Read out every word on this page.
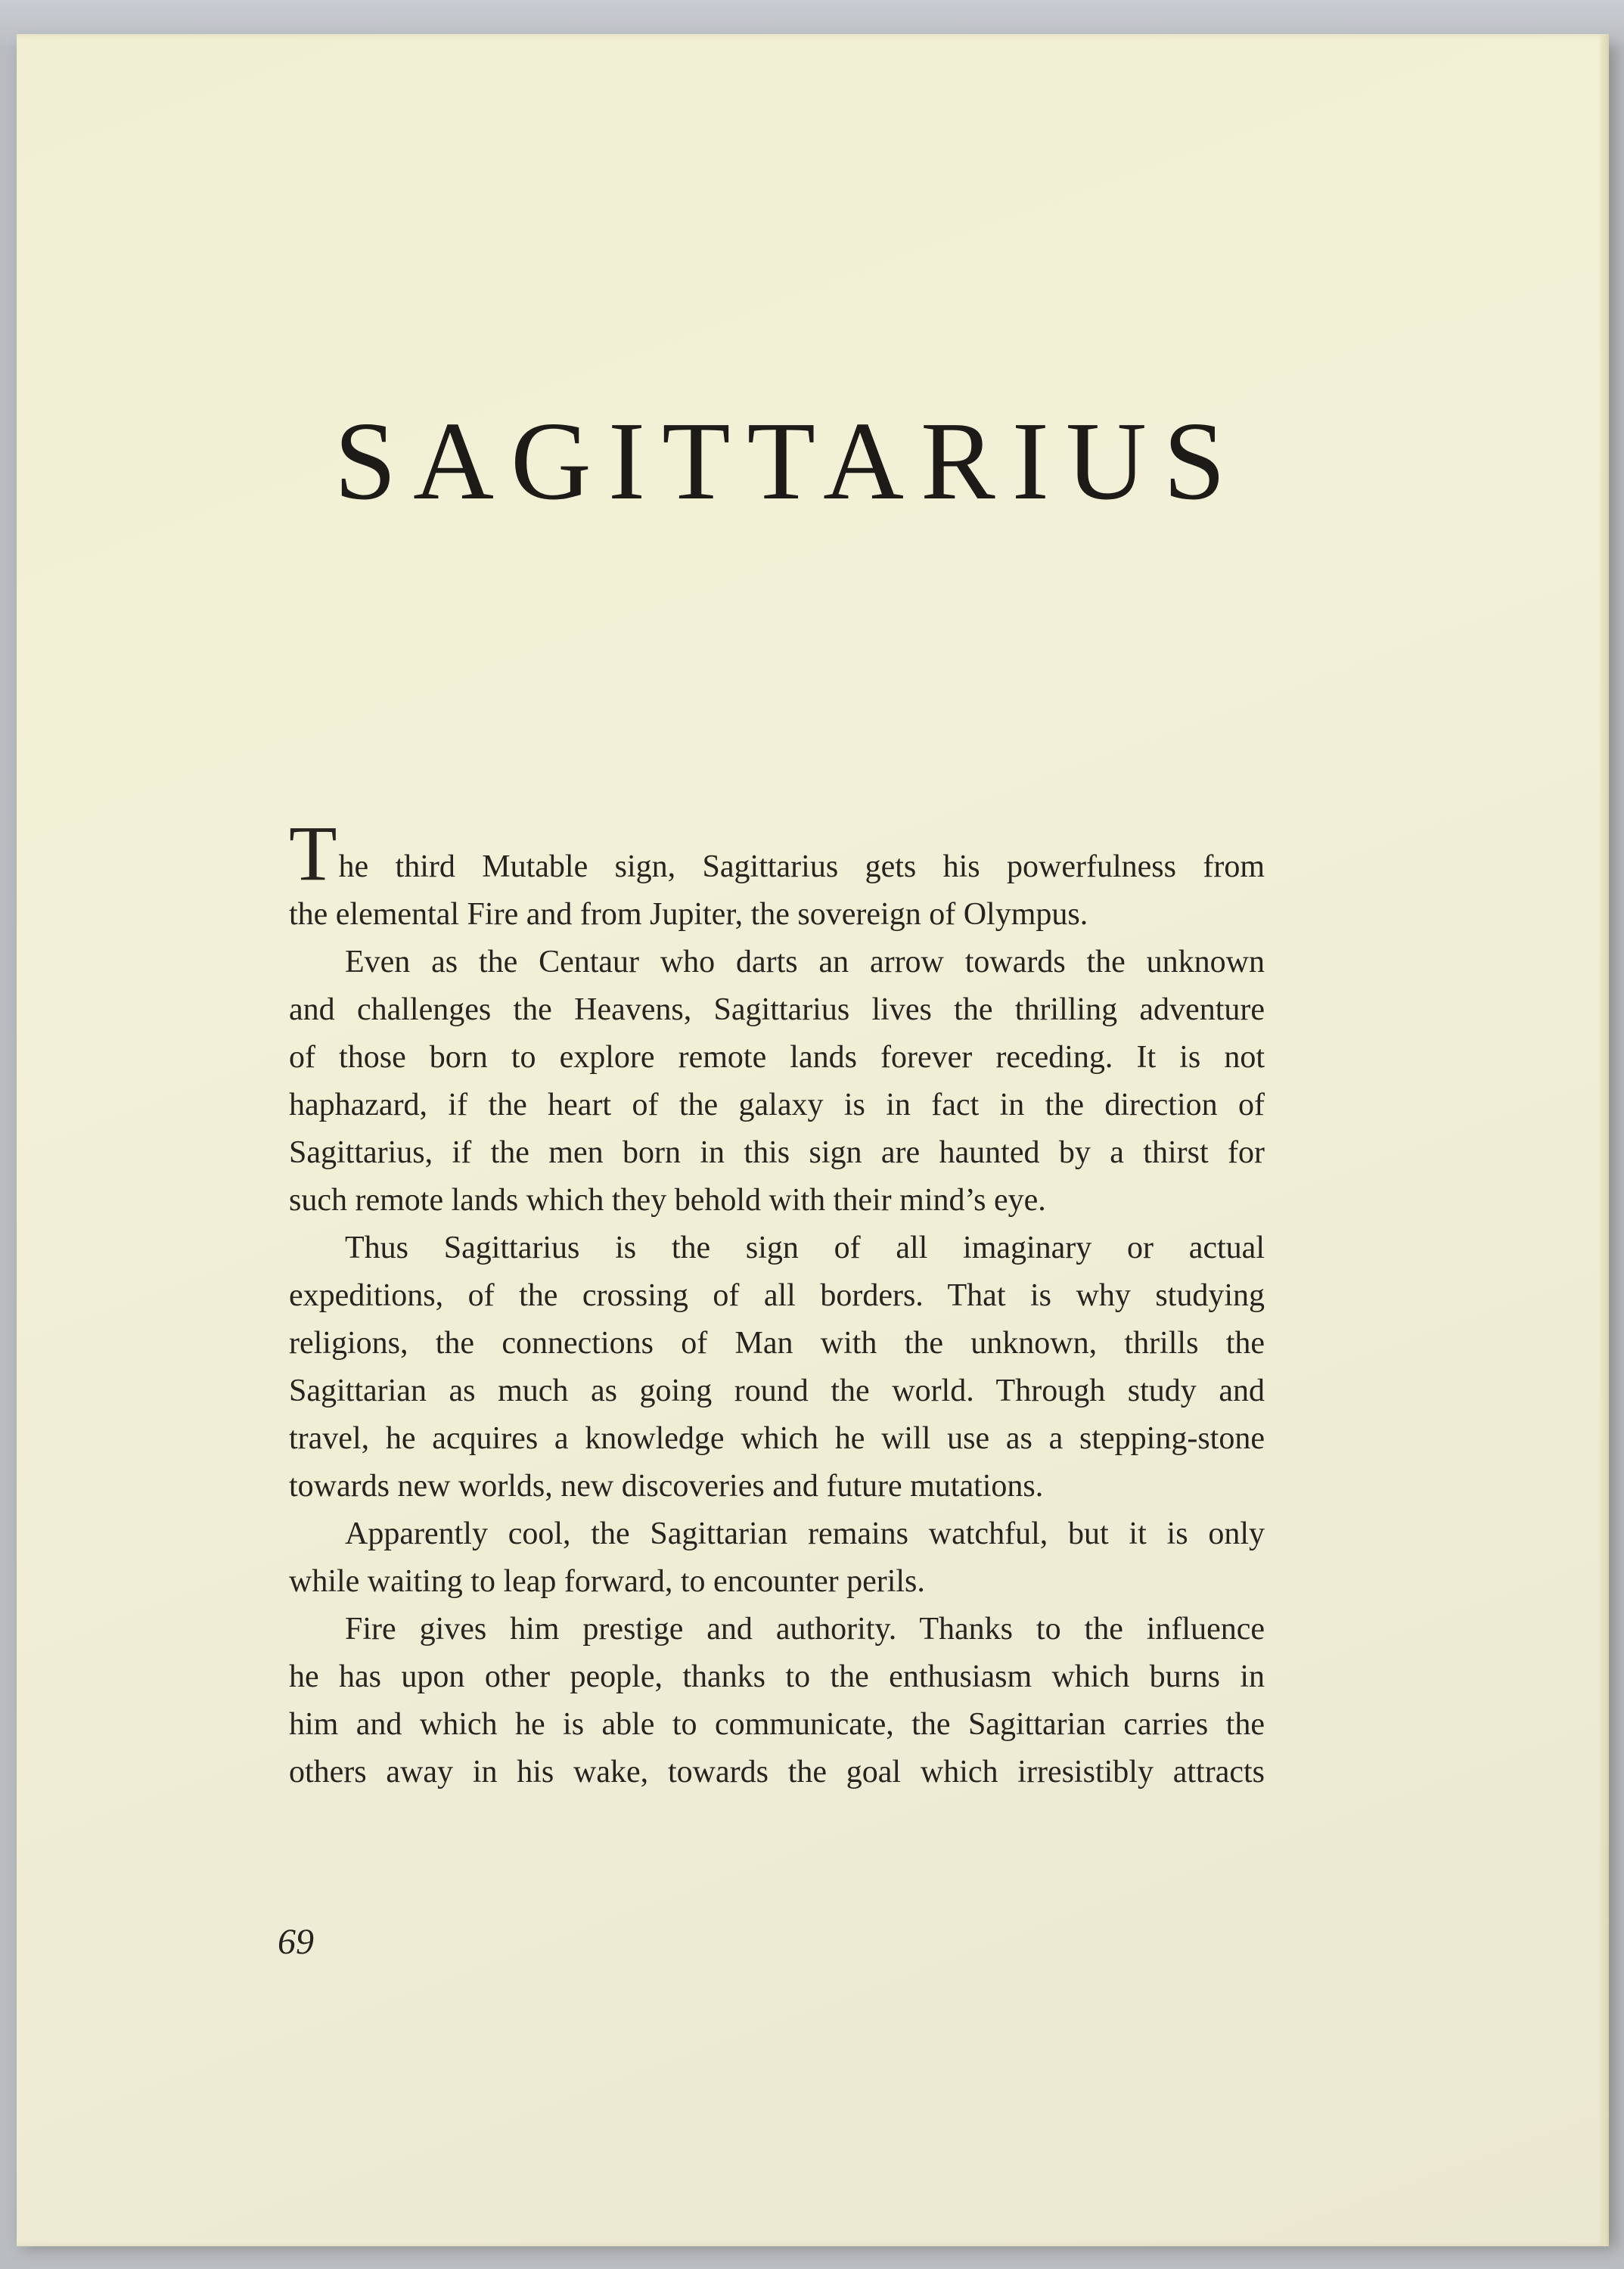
SAGITTARIUS
The third Mutable sign, Sagittarius gets his powerfulness from
the elemental Fire and from Jupiter, the sovereign of Olympus.
Even as the Centaur who darts an arrow towards the unknown
and challenges the Heavens, Sagittarius lives the thrilling adventure
of those born to explore remote lands forever receding. It is not
haphazard, if the heart of the galaxy is in fact in the direction of
Sagittarius, if the men born in this sign are haunted by a thirst for
such remote lands which they behold with their mind’s eye.
Thus Sagittarius is the sign of all imaginary or actual
expeditions, of the crossing of all borders. That is why studying
religions, the connections of Man with the unknown, thrills the
Sagittarian as much as going round the world. Through study and
travel, he acquires a knowledge which he will use as a stepping-stone
towards new worlds, new discoveries and future mutations.
Apparently cool, the Sagittarian remains watchful, but it is only
while waiting to leap forward, to encounter perils.
Fire gives him prestige and authority. Thanks to the influence
he has upon other people, thanks to the enthusiasm which burns in
him and which he is able to communicate, the Sagittarian carries the
others away in his wake, towards the goal which irresistibly attracts
69
